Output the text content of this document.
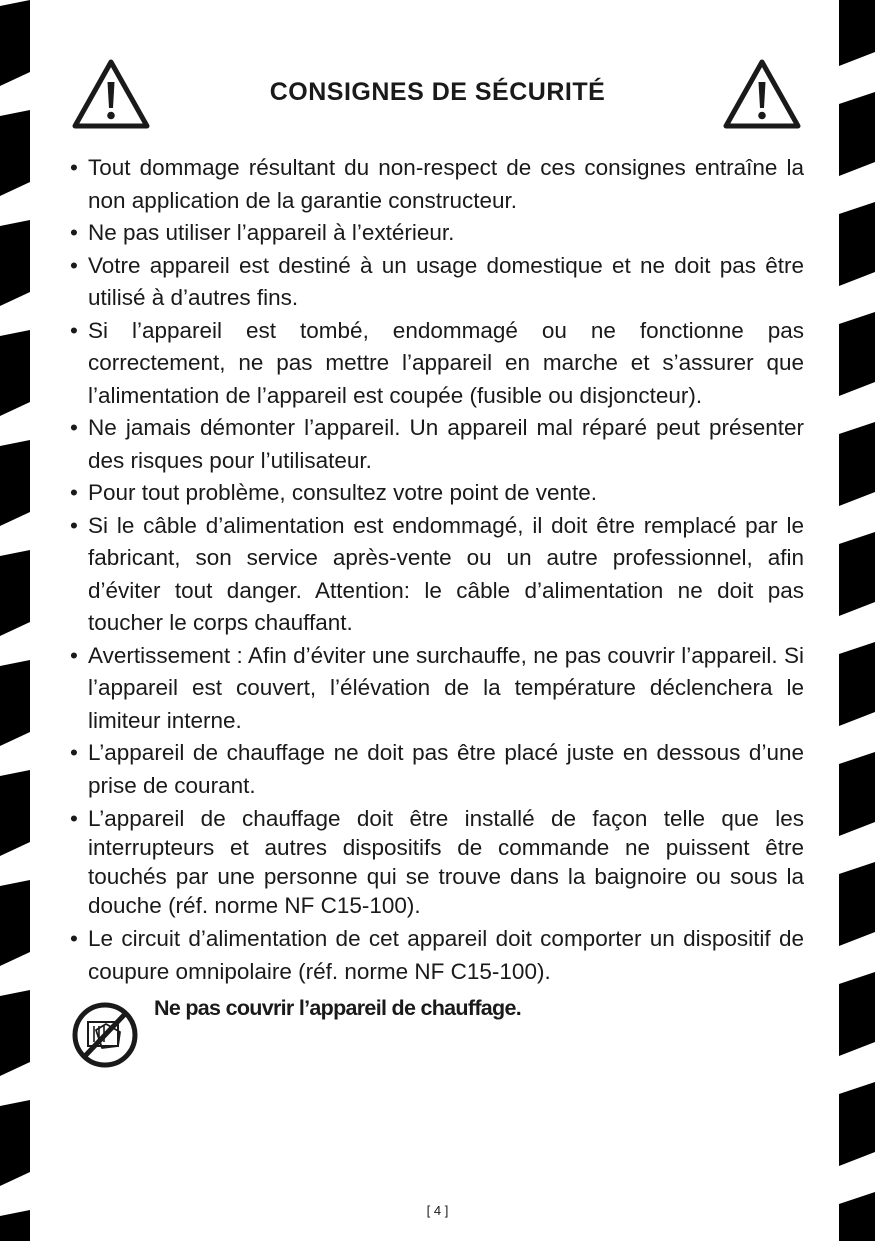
CONSIGNES DE SÉCURITÉ
• Tout dommage résultant du non-respect de ces consignes entraîne la non application de la garantie constructeur.
• Ne pas utiliser l’appareil à l’extérieur.
• Votre appareil est destiné à un usage domestique et ne doit pas être utilisé à d’autres fins.
• Si l’appareil est tombé, endommagé ou ne fonctionne pas correctement, ne pas mettre l’appareil en marche et s’assurer que l’alimentation de l’appareil est coupée (fusible ou disjoncteur).
• Ne jamais démonter l’appareil. Un appareil mal réparé peut présenter des risques pour l’utilisateur.
• Pour tout problème, consultez votre point de vente.
• Si le câble d’alimentation est endommagé, il doit être remplacé par le fabricant, son service après-vente ou un autre professionnel, afin d’éviter tout danger. Attention: le câble d’alimentation ne doit pas toucher le corps chauffant.
• Avertissement : Afin d’éviter une surchauffe, ne pas couvrir l’appareil. Si l’appareil est couvert, l’élévation de la température déclenchera le limiteur interne.
• L’appareil de chauffage ne doit pas être placé juste en dessous d’une prise de courant.
• L’appareil de chauffage doit être installé de façon telle que les interrupteurs et autres dispositifs de commande ne puissent être touchés par une personne qui se trouve dans la baignoire ou sous la douche (réf. norme NF C15-100).
• Le circuit d’alimentation de cet appareil doit comporter un dispositif de coupure omnipolaire (réf. norme NF C15-100).
Ne pas couvrir l’appareil de chauffage.
[ 4 ]
